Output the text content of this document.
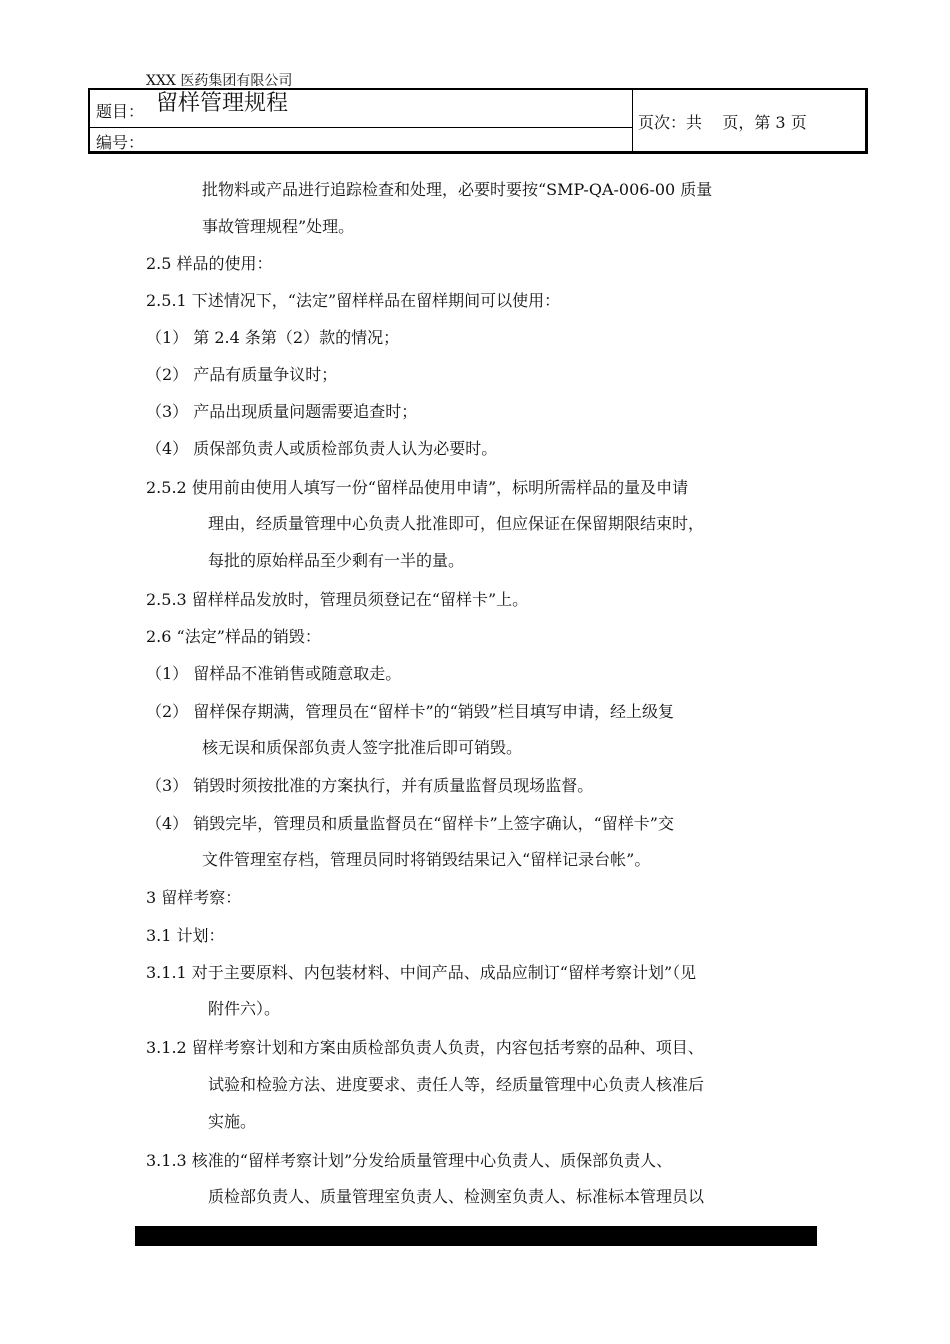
XXX 医药集团有限公司
题目： 留样管理规程
编号：
页次：共    页，第 3 页
批物料或产品进行追踪检查和处理，必要时要按“SMP-QA-006-00 质量
事故管理规程”处理。
2.5 样品的使用：
2.5.1 下述情况下，“法定”留样样品在留样期间可以使用：
（1） 第 2.4 条第（2）款的情况；
（2） 产品有质量争议时；
（3） 产品出现质量问题需要追查时；
（4） 质保部负责人或质检部负责人认为必要时。
2.5.2 使用前由使用人填写一份“留样品使用申请”，标明所需样品的量及申请
理由，经质量管理中心负责人批准即可，但应保证在保留期限结束时，
每批的原始样品至少剩有一半的量。
2.5.3 留样样品发放时，管理员须登记在“留样卡”上。
2.6 “法定”样品的销毁：
（1） 留样品不准销售或随意取走。
（2） 留样保存期满，管理员在“留样卡”的“销毁”栏目填写申请，经上级复
核无误和质保部负责人签字批准后即可销毁。
（3） 销毁时须按批准的方案执行，并有质量监督员现场监督。
（4） 销毁完毕，管理员和质量监督员在“留样卡”上签字确认，“留样卡”交
文件管理室存档，管理员同时将销毁结果记入“留样记录台帐”。
3 留样考察：
3.1 计划：
3.1.1 对于主要原料、内包装材料、中间产品、成品应制订“留样考察计划”（见
附件六）。
3.1.2 留样考察计划和方案由质检部负责人负责，内容包括考察的品种、项目、
试验和检验方法、进度要求、责任人等，经质量管理中心负责人核准后
实施。
3.1.3 核准的“留样考察计划”分发给质量管理中心负责人、质保部负责人、
质检部负责人、质量管理室负责人、检测室负责人、标准标本管理员以
